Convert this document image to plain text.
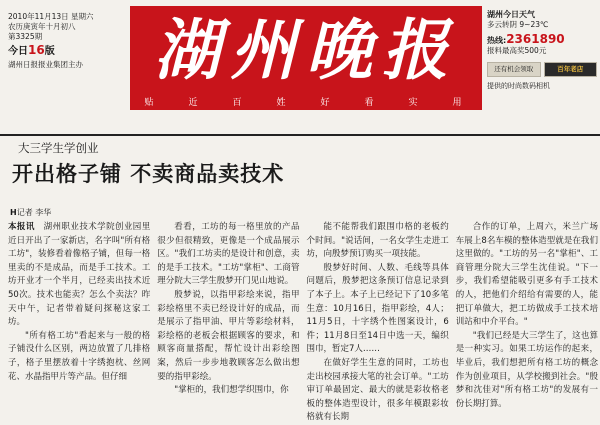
2010年11月13日 星期六
农历庚寅年十月初八
第3325期
今日16版
湖州日报报业集团主办	湖州晚报
贴	近	百	姓	好	看	实	用
湖州今日天气
多云转阴 9~23℃
热线:2361890
报料最高奖500元
还有机会领取	百年老店
提供的时尚数码相机
大三学生学创业
开出格子铺 不卖商品卖技术
H记者 李华

本报讯　 湖州职业技术学院创业园里近日开出了一家新店，名字叫"所有格工坊"，装修看着像格子铺，但每一格里卖的不是成品，而是手工技术。工坊开业才一个半月，已经卖出技术近50次。技术也能卖？怎么个卖法？昨天中午，记者带着疑问探秘这家工坊。

"所有格工坊"看起来与一般的格子铺没什么区别，两边放置了几排格子，格子里摆放着十字绣抱枕、丝网花、水晶指甲片等产品。但仔细

看看，工坊的每一格里放的产品很少但很精致，更像是一个成品展示区。"我们工坊卖的是设计和创意，卖的是手工技术。"工坊"掌柜"、工商管理分院大三学生殷梦开门见山地说。

殷梦说，以指甲彩绘来说，指甲彩绘格里不卖已经设计好的成品，而是展示了指甲油、甲片等彩绘材料，彩绘格的老板会根据顾客的要求，和顾客商量搭配，帮忙设计出彩绘图案，然后一步步地教顾客怎么做出想要的指甲彩绘。

"掌柜的，我们想学织围巾，你

能不能帮我们跟围巾格的老板约个时间。"说话间，一名女学生走进工坊，向殷梦预订购买一项技能。

殷梦好时间、人数、毛线等具体问题后，殷梦把这条预订信息记录到了本子上。本子上已经记下了10多笔生意：10月16日，指甲彩绘，4人；11月5日，十字绣个性图案设计，6件；11月8日至14日中选一天，编织围巾，暂定7人……

在做好学生生意的同时，工坊也走出校园承接大笔的社会订单。"工坊审订单最固定、最大的就是彩妆格老板的整体造型设计，很多年模跟彩妆格就有长期

合作的订单，上周六，米兰广场车展上8名车模的整体造型就是在我们这里做的。"工坊的另一名"掌柜"、工商管理分院大三学生沈佳说。"下一步，我们希望能吸引更多有手工技术的人，把他们介绍给有需要的人，能把订单做大，把工坊做成手工技术培训站和中介平台。"

"我们已经是大三学生了，这也算是一种实习。如果工坊运作的起来，毕业后，我们想把所有格工坊的概念作为创业项目，从学校搬到社会。"殷梦和沈佳对"所有格工坊"的发展有一份长期打算。
